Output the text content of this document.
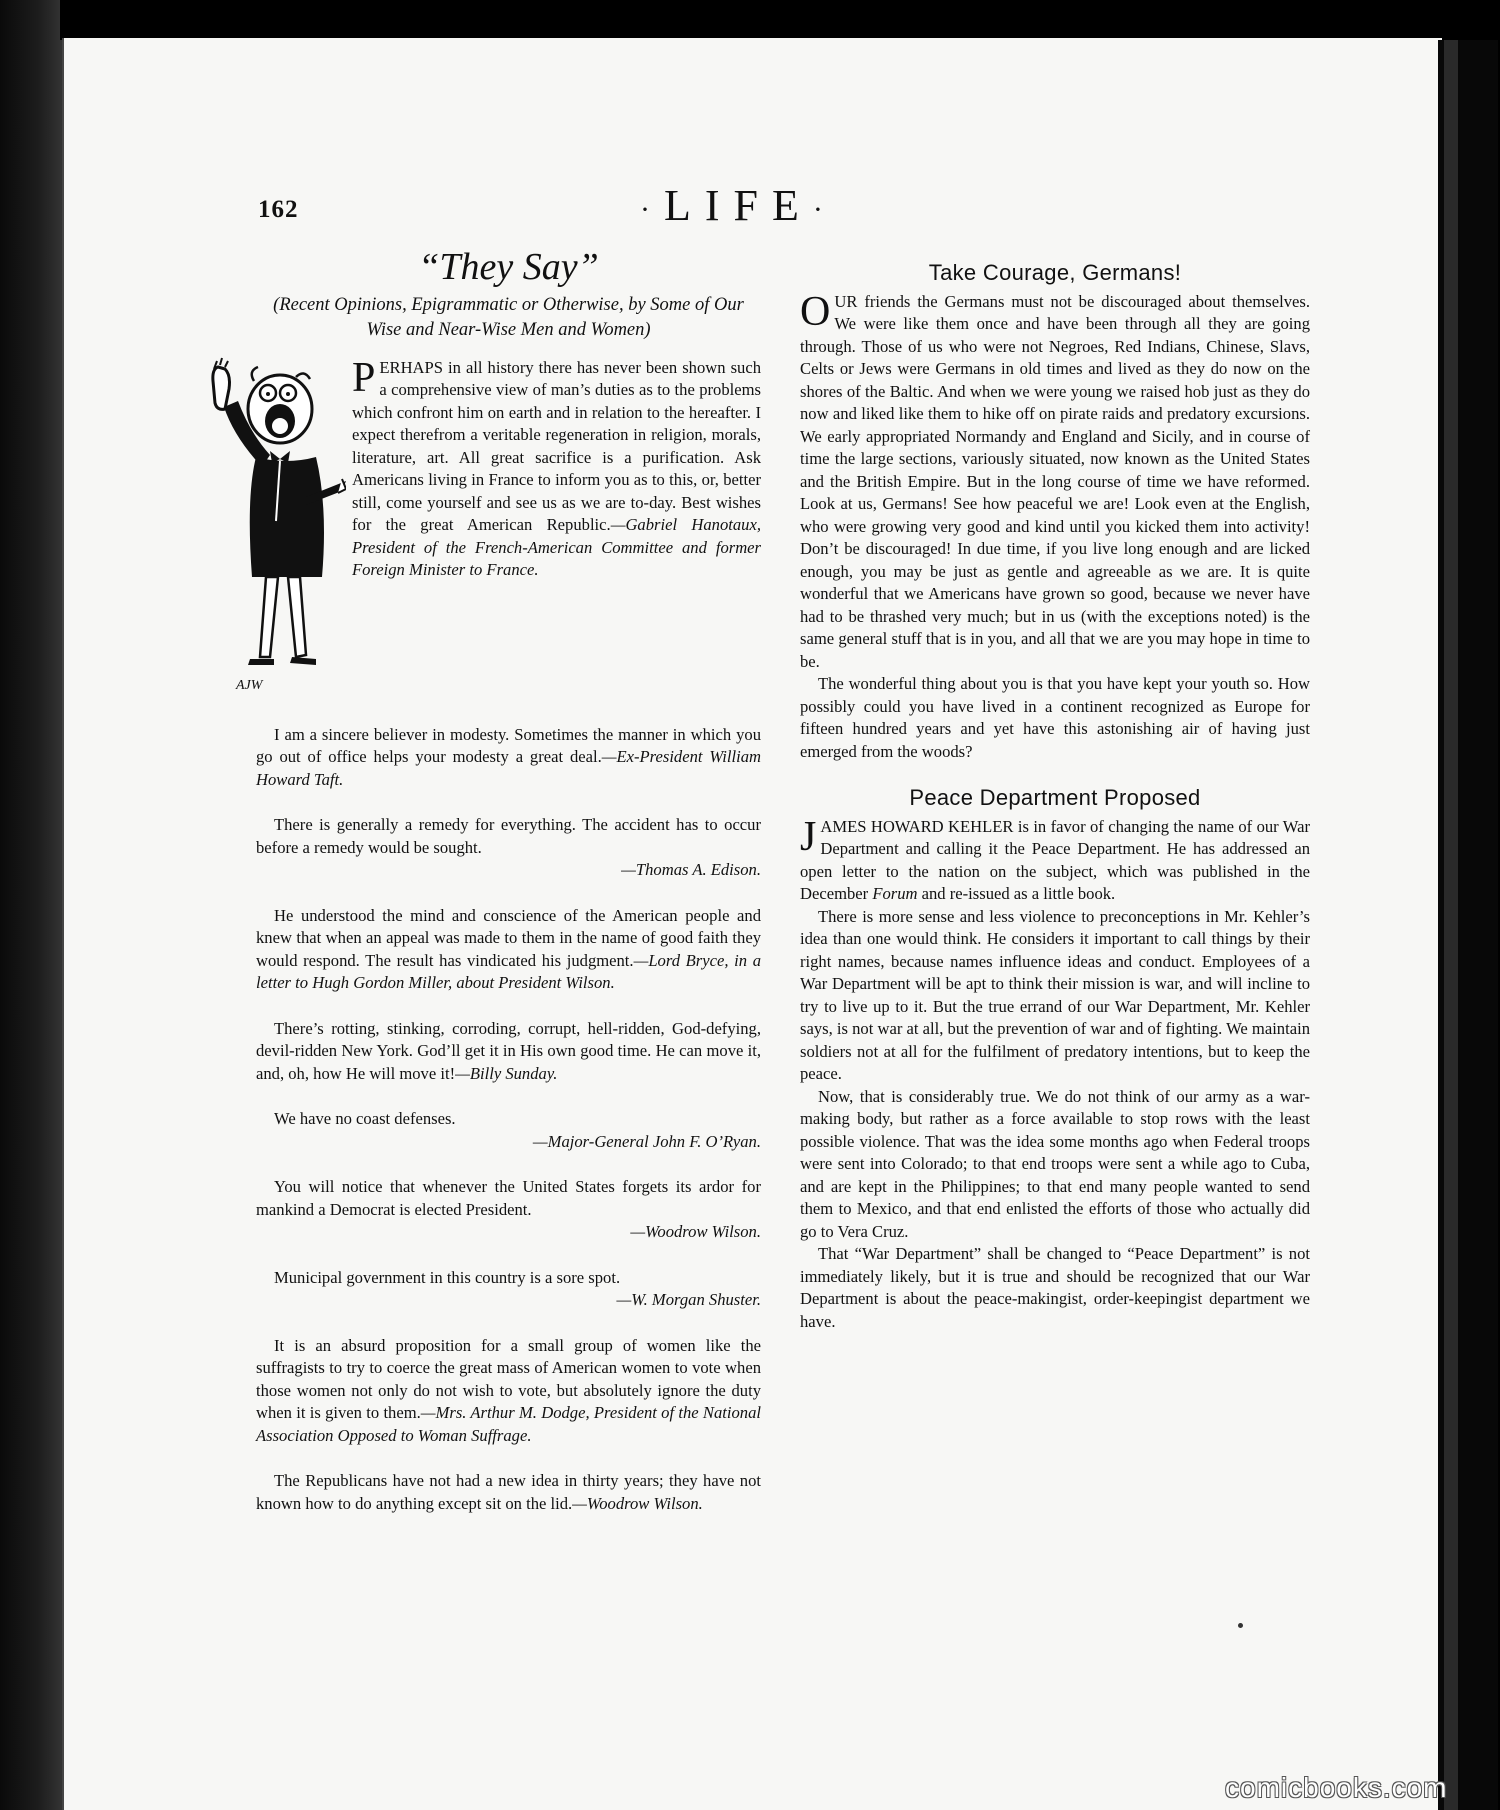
162	·LIFE·
“They Say”
(Recent Opinions, Epigrammatic or Otherwise, by Some of Our Wise and Near-Wise Men and Women)
AJW

PERHAPS in all history there has never been shown such a comprehensive view of man’s duties as to the problems which confront him on earth and in relation to the hereafter. I expect therefrom a veritable regeneration in religion, morals, literature, art. All great sacrifice is a purification. Ask Americans living in France to inform you as to this, or, better still, come yourself and see us as we are to-day. Best wishes for the great American Republic.—Gabriel Hanotaux, President of the French-American Committee and former Foreign Minister to France.

I am a sincere believer in modesty. Sometimes the manner in which you go out of office helps your modesty a great deal.—Ex-President William Howard Taft.

There is generally a remedy for everything. The accident has to occur before a remedy would be sought.
—Thomas A. Edison.

He understood the mind and conscience of the American people and knew that when an appeal was made to them in the name of good faith they would respond. The result has vindicated his judgment.—Lord Bryce, in a letter to Hugh Gordon Miller, about President Wilson.

There’s rotting, stinking, corroding, corrupt, hell-ridden, God-defying, devil-ridden New York. God’ll get it in His own good time. He can move it, and, oh, how He will move it!—Billy Sunday.

We have no coast defenses.
—Major-General John F. O’Ryan.

You will notice that whenever the United States forgets its ardor for mankind a Democrat is elected President.
—Woodrow Wilson.

Municipal government in this country is a sore spot.
—W. Morgan Shuster.

It is an absurd proposition for a small group of women like the suffragists to try to coerce the great mass of American women to vote when those women not only do not wish to vote, but absolutely ignore the duty when it is given to them.—Mrs. Arthur M. Dodge, President of the National Association Opposed to Woman Suffrage.

The Republicans have not had a new idea in thirty years; they have not known how to do anything except sit on the lid.—Woodrow Wilson.

Take Courage, Germans!

OUR friends the Germans must not be discouraged about themselves. We were like them once and have been through all they are going through. Those of us who were not Negroes, Red Indians, Chinese, Slavs, Celts or Jews were Germans in old times and lived as they do now on the shores of the Baltic. And when we were young we raised hob just as they do now and liked like them to hike off on pirate raids and predatory excursions. We early appropriated Normandy and England and Sicily, and in course of time the large sections, variously situated, now known as the United States and the British Empire. But in the long course of time we have reformed. Look at us, Germans! See how peaceful we are! Look even at the English, who were growing very good and kind until you kicked them into activity! Don’t be discouraged! In due time, if you live long enough and are licked enough, you may be just as gentle and agreeable as we are. It is quite wonderful that we Americans have grown so good, because we never have had to be thrashed very much; but in us (with the exceptions noted) is the same general stuff that is in you, and all that we are you may hope in time to be.

The wonderful thing about you is that you have kept your youth so. How possibly could you have lived in a continent recognized as Europe for fifteen hundred years and yet have this astonishing air of having just emerged from the woods?

Peace Department Proposed

JAMES HOWARD KEHLER is in favor of changing the name of our War Department and calling it the Peace Department. He has addressed an open letter to the nation on the subject, which was published in the December Forum and re-issued as a little book.

There is more sense and less violence to preconceptions in Mr. Kehler’s idea than one would think. He considers it important to call things by their right names, because names influence ideas and conduct. Employees of a War Department will be apt to think their mission is war, and will incline to try to live up to it. But the true errand of our War Department, Mr. Kehler says, is not war at all, but the prevention of war and of fighting. We maintain soldiers not at all for the fulfilment of predatory intentions, but to keep the peace.

Now, that is considerably true. We do not think of our army as a war-making body, but rather as a force available to stop rows with the least possible violence. That was the idea some months ago when Federal troops were sent into Colorado; to that end troops were sent a while ago to Cuba, and are kept in the Philippines; to that end many people wanted to send them to Mexico, and that end enlisted the efforts of those who actually did go to Vera Cruz.

That “War Department” shall be changed to “Peace Department” is not immediately likely, but it is true and should be recognized that our War Department is about the peace-makingist, order-keepingist department we have.

comicbooks.com
